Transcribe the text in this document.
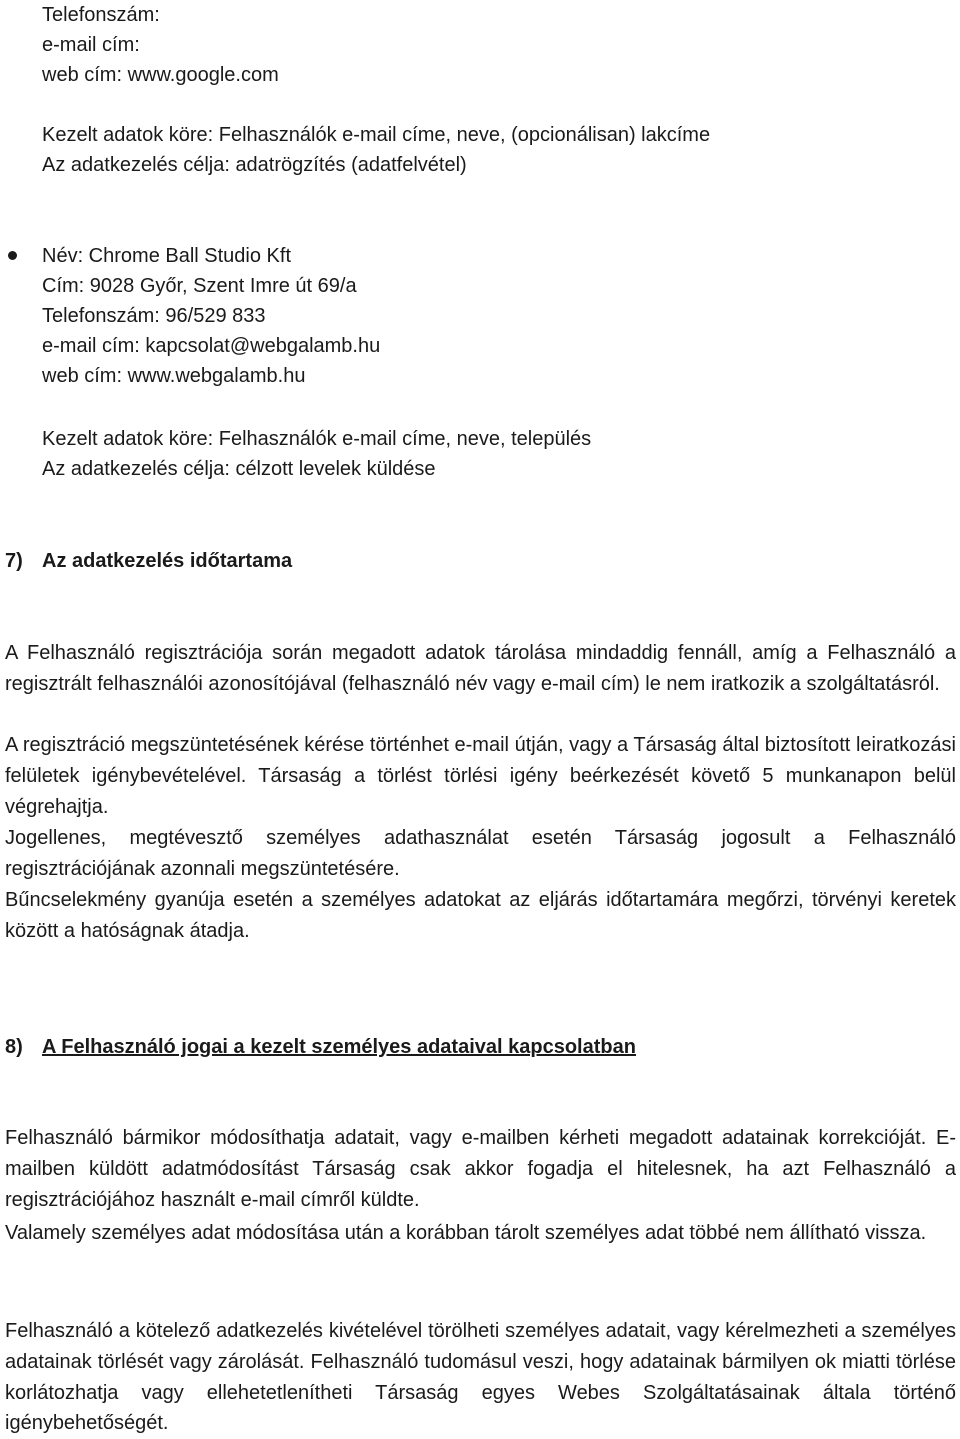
Telefonszám:
e-mail cím:
web cím: www.google.com
Kezelt adatok köre: Felhasználók e-mail címe, neve, (opcionálisan) lakcíme
Az adatkezelés célja: adatrögzítés (adatfelvétel)
Név: Chrome Ball Studio Kft
Cím: 9028 Győr, Szent Imre út 69/a
Telefonszám: 96/529 833
e-mail cím: kapcsolat@webgalamb.hu
web cím: www.webgalamb.hu
Kezelt adatok köre: Felhasználók e-mail címe, neve, település
Az adatkezelés célja: célzott levelek küldése
7) Az adatkezelés időtartama

A Felhasználó regisztrációja során megadott adatok tárolása mindaddig fennáll, amíg a Felhasználó a regisztrált felhasználói azonosítójával (felhasználó név vagy e-mail cím) le nem iratkozik a szolgáltatásról.

A regisztráció megszüntetésének kérése történhet e-mail útján, vagy a Társaság által biztosított leiratkozási felületek igénybevételével. Társaság a törlést törlési igény beérkezését követő 5 munkanapon belül végrehajtja.

Jogellenes, megtévesztő személyes adathasználat esetén Társaság jogosult a Felhasználó regisztrációjának azonnali megszüntetésére.

Bűncselekmény gyanúja esetén a személyes adatokat az eljárás időtartamára megőrzi, törvényi keretek között a hatóságnak átadja.

8) A Felhasználó jogai a kezelt személyes adataival kapcsolatban

Felhasználó bármikor módosíthatja adatait, vagy e-mailben kérheti megadott adatainak korrekcióját. E-mailben küldött adatmódosítást Társaság csak akkor fogadja el hitelesnek, ha azt Felhasználó a regisztrációjához használt e-mail címről küldte.

Valamely személyes adat módosítása után a korábban tárolt személyes adat többé nem állítható vissza.

Felhasználó a kötelező adatkezelés kivételével törölheti személyes adatait, vagy kérelmezheti a személyes adatainak törlését vagy zárolását. Felhasználó tudomásul veszi, hogy adatainak bármilyen ok miatti törlése korlátozhatja vagy ellehetetlenítheti Társaság egyes Webes Szolgáltatásainak általa történő igénybehetőségét.
